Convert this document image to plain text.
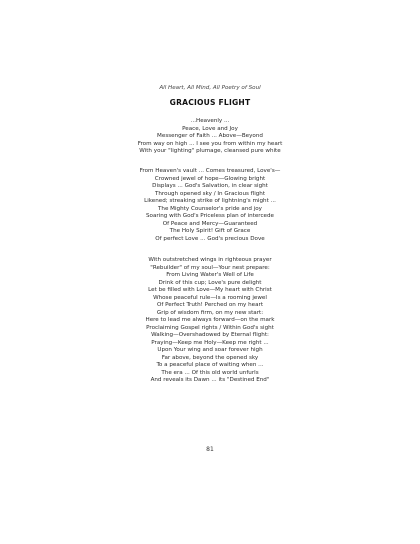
All Heart, All Mind, All Poetry of Soul
GRACIOUS FLIGHT
...Heavenly ...
Peace, Love and Joy
Messenger of Faith ... Above—Beyond
From way on high ... I see you from within my heart
With your "lighting" plumage, cleansed pure white
From Heaven's vault ... Comes treasured, Love's—
Crowned jewel of hope—Glowing bright
Displays ... God's Salvation, in clear sight
Through opened sky / In Gracious flight
Likened; streaking strike of lightning's might ...
The Mighty Counselor's pride and joy
Soaring with God's Priceless plan of intercede
Of Peace and Mercy—Guaranteed
The Holy Spirit! Gift of Grace
Of perfect Love ... God's precious Dove
With outstretched wings in righteous prayer
"Rebuilder" of my soul—Your nest prepare:
From Living Water's Well of Life
Drink of this cup; Love's pure delight
Let be filled with Love—My heart with Christ
Whose peaceful rule—Is a rooming jewel
Of Perfect Truth! Perched on my heart
Grip of wisdom firm, on my new start:
Here to lead me always forward—on the mark
Proclaiming Gospel rights / Within God's sight
Walking—Overshadowed by Eternal flight:
Praying—Keep me Holy—Keep me right ...
Upon Your wing and soar forever high
Far above, beyond the opened sky
To a peaceful place of waiting when ...
The era ... Of this old world unfurls
And reveals its Dawn ... its "Destined End"
81
